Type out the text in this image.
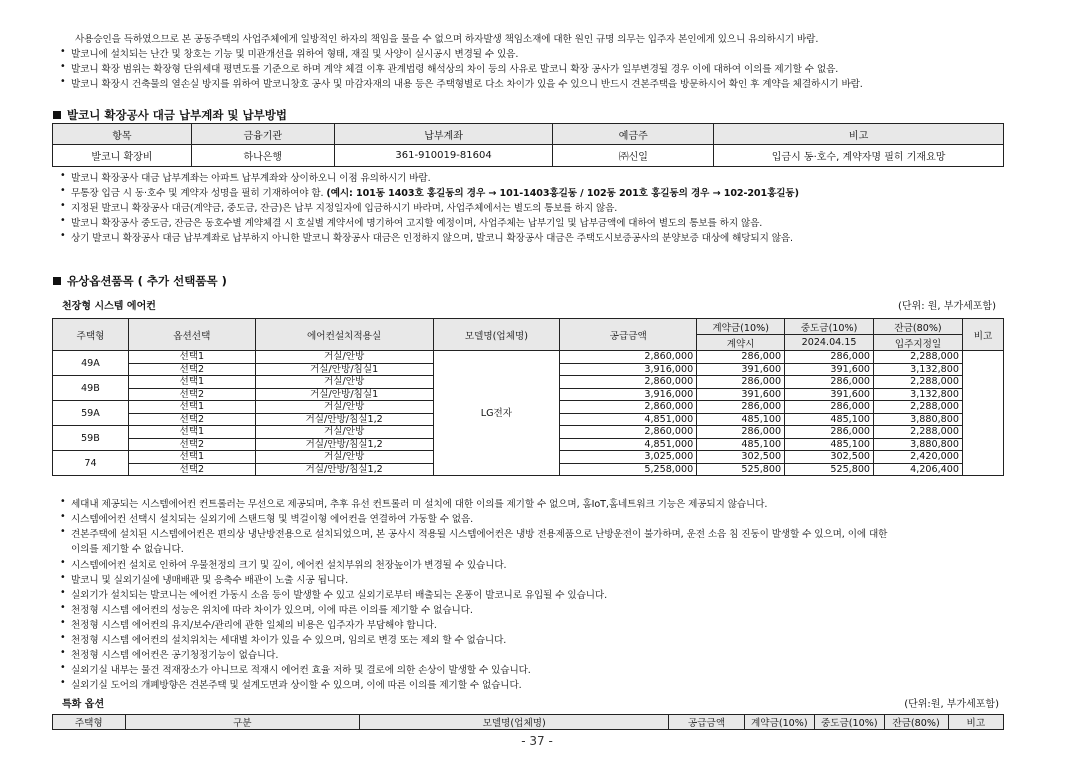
사용승인을 득하였으므로 본 공동주택의 사업주체에게 일방적인 하자의 책임을 물을 수 없으며 하자발생 책임소재에 대한 원인 규명 의무는 입주자 본인에게 있으니 유의하시기 바람.
• 발코니에 설치되는 난간 및 창호는 기능 및 미관개선을 위하여 형태, 재질 및 사양이 실시공시 변경될 수 있음.
• 발코니 확장 범위는 확장형 단위세대 평면도를 기준으로 하며 계약 체결 이후 관계법령 해석상의 차이 등의 사유로 발코니 확장 공사가 일부변경될 경우 이에 대하여 이의를 제기할 수 없음.
• 발코니 확장시 건축물의 열손실 방지를 위하여 발코니창호 공사 및 마감자재의 내용 등은 주택형별로 다소 차이가 있을 수 있으니 반드시 견본주택을 방문하시어 확인 후 계약을 체결하시기 바람.
발코니 확장공사 대금 납부계좌 및 납부방법
항목	금융기관	납부계좌	예금주	비고
발코니 확장비	하나은행	361-910019-81604	㈜신일	입금시 동·호수, 계약자명 필히 기재요망
• 발코니 확장공사 대금 납부계좌는 아파트 납부계좌와 상이하오니 이점 유의하시기 바람.
• 무통장 입금 시 동·호수 및 계약자 성명을 필히 기재하여야 함. (예시: 101동 1403호 홍길동의 경우 → 101-1403홍길동 / 102동 201호 홍길동의 경우 → 102-201홍길동)
• 지정된 발코니 확장공사 대금(계약금, 중도금, 잔금)은 납부 지정일자에 입금하시기 바라며, 사업주체에서는 별도의 통보를 하지 않음.
• 발코니 확장공사 중도금, 잔금은 동호수별 계약체결 시 호실별 계약서에 명기하여 고지할 예정이며, 사업주체는 납부기일 및 납부금액에 대하여 별도의 통보를 하지 않음.
• 상기 발코니 확장공사 대금 납부계좌로 납부하지 아니한 발코니 확장공사 대금은 인정하지 않으며, 발코니 확장공사 대금은 주택도시보증공사의 분양보증 대상에 해당되지 않음.
유상옵션품목 ( 추가 선택품목 )
천장형 시스템 에어컨	(단위: 원, 부가세포함)
주택형	옵션선택	에어컨설치적용실	모델명(업체명)	공급금액	계약금(10%)	중도금(10%)	잔금(80%)	비고
					계약시	2024.04.15	입주지정일	
49A	선택1	거실/안방	LG전자	2,860,000	286,000	286,000	2,288,000	
	선택2	거실/안방/침실1		3,916,000	391,600	391,600	3,132,800	
49B	선택1	거실/안방		2,860,000	286,000	286,000	2,288,000	
	선택2	거실/안방/침실1		3,916,000	391,600	391,600	3,132,800	
59A	선택1	거실/안방		2,860,000	286,000	286,000	2,288,000	
	선택2	거실/안방/침실1,2		4,851,000	485,100	485,100	3,880,800	
59B	선택1	거실/안방		2,860,000	286,000	286,000	2,288,000	
	선택2	거실/안방/침실1,2		4,851,000	485,100	485,100	3,880,800	
74	선택1	거실/안방		3,025,000	302,500	302,500	2,420,000	
	선택2	거실/안방/침실1,2		5,258,000	525,800	525,800	4,206,400	
• 세대내 제공되는 시스템에어컨 컨트롤러는 무선으로 제공되며, 추후 유선 컨트롤러 미 설치에 대한 이의를 제기할 수 없으며, 홈IoT,홈네트워크 기능은 제공되지 않습니다.
• 시스템에어컨 선택시 설치되는 실외기에 스탠드형 및 벽걸이형 에어컨을 연결하여 가동할 수 없음.
• 견본주택에 설치된 시스템에어컨은 편의상 냉난방전용으로 설치되었으며, 본 공사시 적용될 시스템에어컨은 냉방 전용제품으로 난방운전이 불가하며, 운전 소음 침 진동이 발생할 수 있으며, 이에 대한
이의를 제기할 수 없습니다.
• 시스템에어컨 설치로 인하여 우물천정의 크기 및 깊이, 에어컨 설치부위의 천장높이가 변경될 수 있습니다.
• 발코니 및 실외기실에 냉매배관 및 응축수 배관이 노출 시공 됩니다.
• 실외기가 설치되는 발코니는 에어컨 가동시 소음 등이 발생할 수 있고 실외기로부터 배출되는 온풍이 발코니로 유입될 수 있습니다.
• 천정형 시스템 에어컨의 성능은 위치에 따라 차이가 있으며, 이에 따른 이의를 제기할 수 없습니다.
• 천정형 시스템 에어컨의 유지/보수/관리에 관한 일체의 비용은 입주자가 부담해야 합니다.
• 천정형 시스템 에어컨의 설치위치는 세대별 차이가 있을 수 있으며, 임의로 변경 또는 제외 할 수 없습니다.
• 천정형 시스템 에어컨은 공기청정기능이 없습니다.
• 실외기실 내부는 물건 적재장소가 아니므로 적재시 에어컨 효율 저하 및 결로에 의한 손상이 발생할 수 있습니다.
• 실외기실 도어의 개폐방향은 견본주택 및 설계도면과 상이할 수 있으며, 이에 따른 이의를 제기할 수 없습니다.
특화 옵션	(단위:원, 부가세포함)
주택형	구분	모델명(업체명)	공급금액	계약금(10%)	중도금(10%)	잔금(80%)	비고
- 37 -
